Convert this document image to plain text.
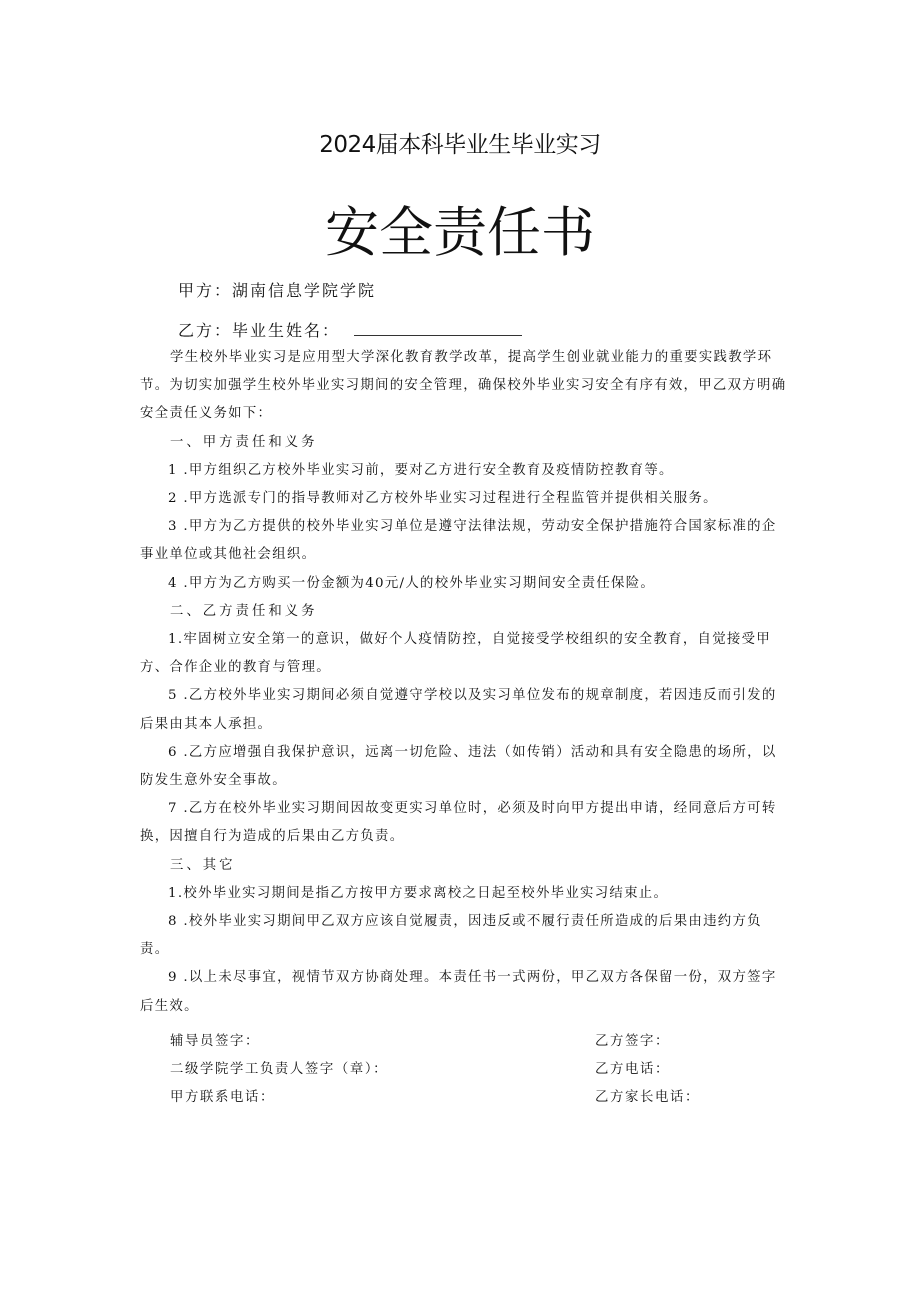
2024届本科毕业生毕业实习
安全责任书
甲方：湖南信息学院学院
乙方：毕业生姓名：

学生校外毕业实习是应用型大学深化教育教学改革，提高学生创业就业能力的重要实践教学环节。为切实加强学生校外毕业实习期间的安全管理，确保校外毕业实习安全有序有效，甲乙双方明确安全责任义务如下：

一、甲方责任和义务

1 .甲方组织乙方校外毕业实习前，要对乙方进行安全教育及疫情防控教育等。

2 .甲方选派专门的指导教师对乙方校外毕业实习过程进行全程监管并提供相关服务。

3 .甲方为乙方提供的校外毕业实习单位是遵守法律法规，劳动安全保护措施符合国家标准的企事业单位或其他社会组织。

4 .甲方为乙方购买一份金额为40元/人的校外毕业实习期间安全责任保险。

二、乙方责任和义务

1.牢固树立安全第一的意识，做好个人疫情防控，自觉接受学校组织的安全教育，自觉接受甲方、合作企业的教育与管理。

5 .乙方校外毕业实习期间必须自觉遵守学校以及实习单位发布的规章制度，若因违反而引发的后果由其本人承担。

6 .乙方应增强自我保护意识，远离一切危险、违法（如传销）活动和具有安全隐患的场所，以防发生意外安全事故。

7 .乙方在校外毕业实习期间因故变更实习单位时，必须及时向甲方提出申请，经同意后方可转换，因擅自行为造成的后果由乙方负责。

三、其它

1.校外毕业实习期间是指乙方按甲方要求离校之日起至校外毕业实习结束止。

8 .校外毕业实习期间甲乙双方应该自觉履责，因违反或不履行责任所造成的后果由违约方负责。

9 .以上未尽事宜，视情节双方协商处理。本责任书一式两份，甲乙双方各保留一份，双方签字后生效。

辅导员签字：	乙方签字：
二级学院学工负责人签字（章）：	乙方电话：
甲方联系电话：	乙方家长电话：
